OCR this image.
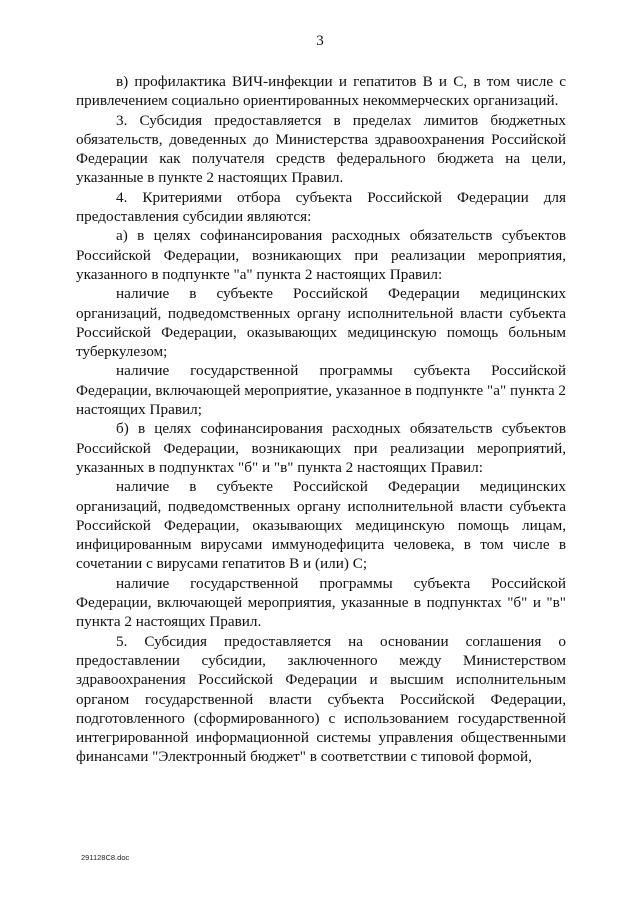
3

в) профилактика ВИЧ-инфекции и гепатитов B и C, в том числе с привлечением социально ориентированных некоммерческих организаций.

3. Субсидия предоставляется в пределах лимитов бюджетных обязательств, доведенных до Министерства здравоохранения Российской Федерации как получателя средств федерального бюджета на цели, указанные в пункте 2 настоящих Правил.

4. Критериями отбора субъекта Российской Федерации для предоставления субсидии являются:

а) в целях софинансирования расходных обязательств субъектов Российской Федерации, возникающих при реализации мероприятия, указанного в подпункте "а" пункта 2 настоящих Правил:

наличие в субъекте Российской Федерации медицинских организаций, подведомственных органу исполнительной власти субъекта Российской Федерации, оказывающих медицинскую помощь больным туберкулезом;

наличие государственной программы субъекта Российской Федерации, включающей мероприятие, указанное в подпункте "а" пункта 2 настоящих Правил;

б) в целях софинансирования расходных обязательств субъектов Российской Федерации, возникающих при реализации мероприятий, указанных в подпунктах "б" и "в" пункта 2 настоящих Правил:

наличие в субъекте Российской Федерации медицинских организаций, подведомственных органу исполнительной власти субъекта Российской Федерации, оказывающих медицинскую помощь лицам, инфицированным вирусами иммунодефицита человека, в том числе в сочетании с вирусами гепатитов B и (или) C;

наличие государственной программы субъекта Российской Федерации, включающей мероприятия, указанные в подпунктах "б" и "в" пункта 2 настоящих Правил.

5. Субсидия предоставляется на основании соглашения о предоставлении субсидии, заключенного между Министерством здравоохранения Российской Федерации и высшим исполнительным органом государственной власти субъекта Российской Федерации, подготовленного (сформированного) с использованием государственной интегрированной информационной системы управления общественными финансами "Электронный бюджет" в соответствии с типовой формой,

291128C8.doc
